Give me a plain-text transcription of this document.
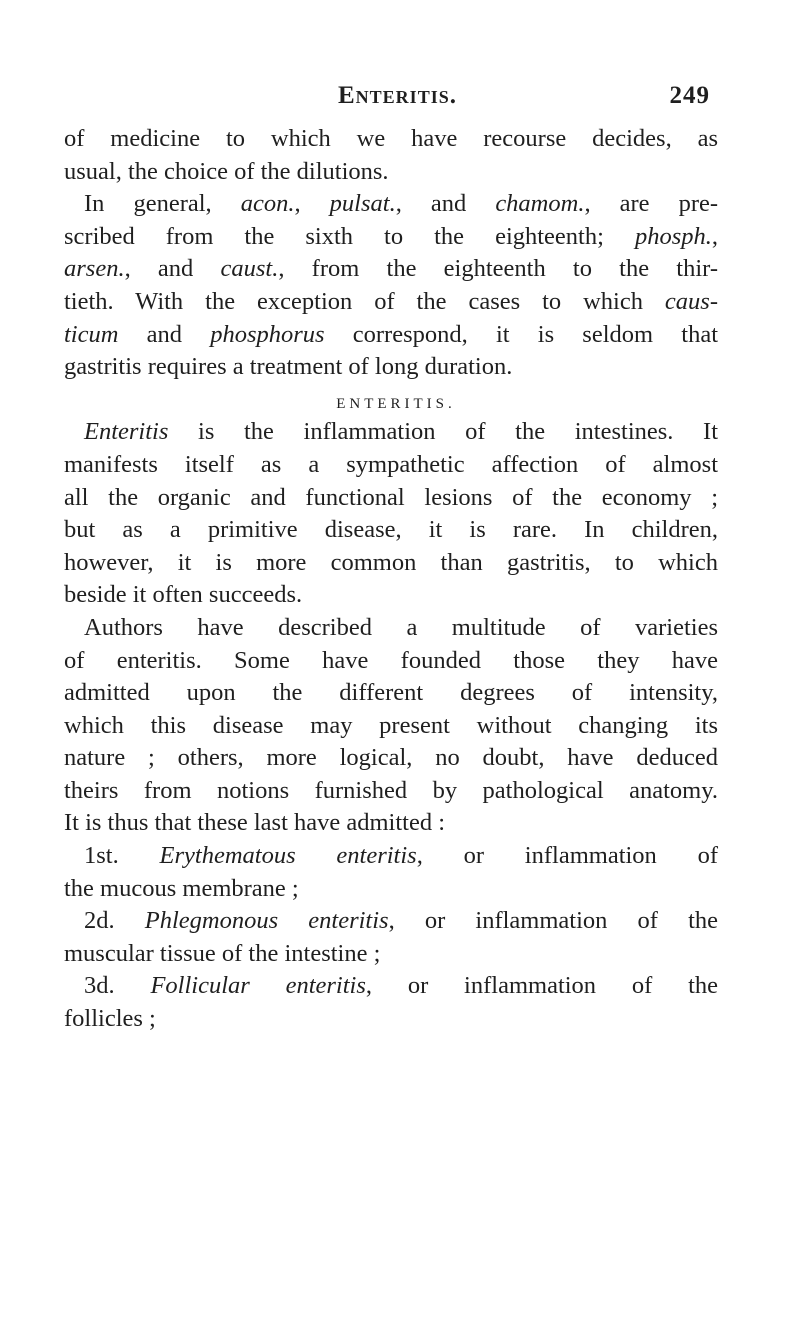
Enteritis.	249
of medicine to which we have recourse decides, as
usual, the choice of the dilutions.
In general, acon., pulsat., and chamom., are pre-
scribed from the sixth to the eighteenth; phosph.,
arsen., and caust., from the eighteenth to the thir-
tieth. With the exception of the cases to which caus-
ticum and phosphorus correspond, it is seldom that
gastritis requires a treatment of long duration.
ENTERITIS.
Enteritis is the inflammation of the intestines. It
manifests itself as a sympathetic affection of almost
all the organic and functional lesions of the economy ;
but as a primitive disease, it is rare. In children,
however, it is more common than gastritis, to which
beside it often succeeds.
Authors have described a multitude of varieties
of enteritis. Some have founded those they have
admitted upon the different degrees of intensity,
which this disease may present without changing its
nature ; others, more logical, no doubt, have deduced
theirs from notions furnished by pathological anatomy.
It is thus that these last have admitted :
1st. Erythematous enteritis, or inflammation of
the mucous membrane ;
2d. Phlegmonous enteritis, or inflammation of the
muscular tissue of the intestine ;
3d. Follicular enteritis, or inflammation of the
follicles ;
